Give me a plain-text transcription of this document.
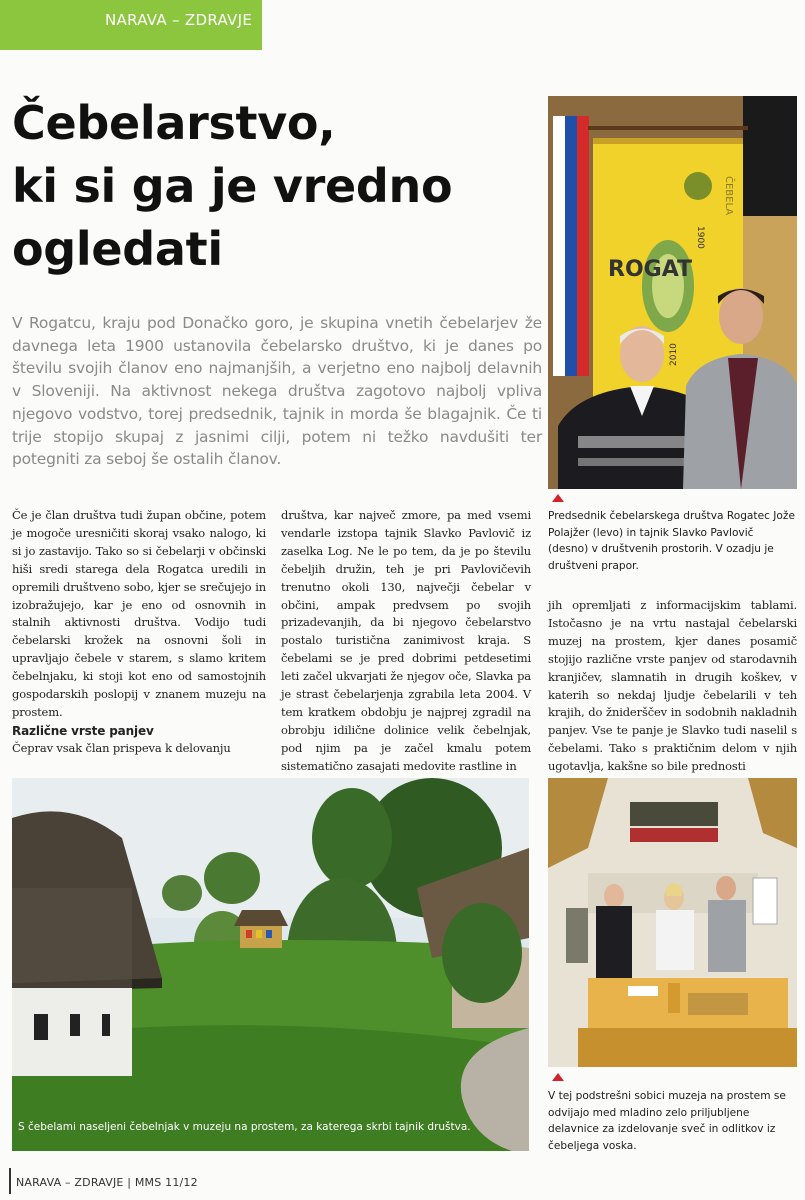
NARAVA – ZDRAVJE
Čebelarstvo,
ki si ga je vredno
ogledati

V Rogatcu, kraju pod Donačko goro, je skupina vnetih čebelarjev že davnega leta 1900 ustanovila čebelarsko društvo, ki je danes po številu svojih članov eno najmanjših, a verjetno eno najbolj delavnih v Sloveniji. Na aktivnost nekega društva zagotovo najbolj vpliva njegovo vodstvo, torej predsednik, tajnik in morda še blagajnik. Če ti trije stopijo skupaj z jasnimi cilji, potem ni težko navdušiti ter potegniti za seboj še ostalih članov.

ROGAT
1900
ČEBELA
2010

Predsednik čebelarskega društva Rogatec Jože Polajžer (levo) in tajnik Slavko Pavlovič (desno) v društvenih prostorih. V ozadju je društveni prapor.

Če je član društva tudi župan občine, potem je mogoče uresničiti skoraj vsako nalogo, ki si jo zastavijo. Tako so si čebelarji v občinski hiši sredi starega dela Rogatca uredili in opremili društveno sobo, kjer se srečujejo in izobražujejo, kar je eno od osnovnih in stalnih aktivnosti društva. Vodijo tudi čebelarski krožek na osnovni šoli in upravljajo čebele v starem, s slamo kritem čebelnjaku, ki stoji kot eno od samostojnih gospodarskih poslopij v znanem muzeju na prostem.

Različne vrste panjev

Čeprav vsak član prispeva k delovanju

društva, kar največ zmore, pa med vsemi vendarle izstopa tajnik Slavko Pavlovič iz zaselka Log. Ne le po tem, da je po številu čebeljih družin, teh je pri Pavlovičevih trenutno okoli 130, največji čebelar v občini, ampak predvsem po svojih prizadevanjih, da bi njegovo čebelarstvo postalo turistična zanimivost kraja. S čebelami se je pred dobrimi petdesetimi leti začel ukvarjati že njegov oče, Slavka pa je strast čebelarjenja zgrabila leta 2004. V tem kratkem obdobju je najprej zgradil na obrobju idilične dolinice velik čebelnjak, pod njim pa je začel kmalu potem sistematično zasajati medovite rastline in

jih opremljati z informacijskim tablami. Istočasno je na vrtu nastajal čebelarski muzej na prostem, kjer danes posamič stojijo različne vrste panjev od starodavnih kranjičev, slamnatih in drugih koškev, v katerih so nekdaj ljudje čebelarili v teh krajih, do žniderščev in sodobnih nakladnih panjev. Vse te panje je Slavko tudi naselil s čebelami. Tako s praktičnim delom v njih ugotavlja, kakšne so bile prednosti

S čebelami naseljeni čebelnjak v muzeju na prostem, za katerega skrbi tajnik društva.

V tej podstrešni sobici muzeja na prostem se odvijajo med mladino zelo priljubljene delavnice za izdelovanje sveč in odlitkov iz čebeljega voska.

NARAVA – ZDRAVJE | MMS 11/12
